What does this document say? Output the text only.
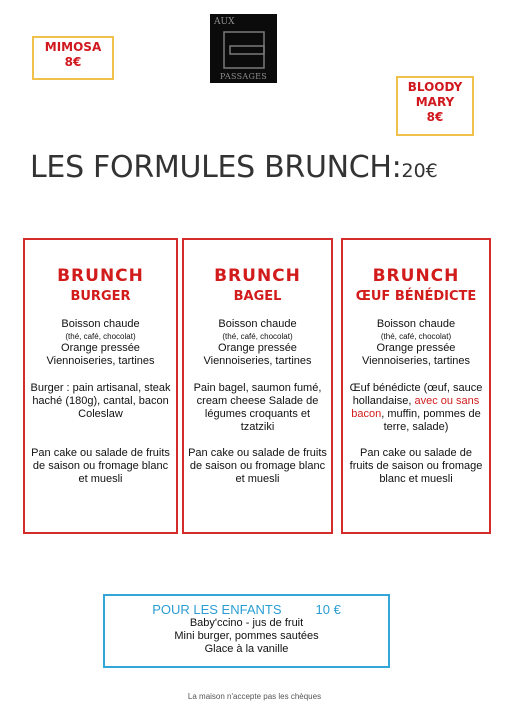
MIMOSA
8€
AUX
PASSAGES
BLOODY
MARY
8€
LES FORMULES BRUNCH:20€
BRUNCH
BURGER
Boisson chaude
(thé, café, chocolat)
Orange pressée
Viennoiseries, tartines
Burger : pain artisanal, steak haché (180g), cantal, bacon Coleslaw
Pan cake ou salade de fruits de saison ou fromage blanc et muesli
BRUNCH
BAGEL
Boisson chaude
(thé, café, chocolat)
Orange pressée
Viennoiseries, tartines
Pain bagel, saumon fumé, cream cheese Salade de légumes croquants et tzatziki
Pan cake ou salade de fruits de saison ou fromage blanc et muesli
BRUNCH
ŒUF BÉNÉDICTE
Boisson chaude
(thé, café, chocolat)
Orange pressée
Viennoiseries, tartines
Œuf bénédicte (œuf, sauce hollandaise, avec ou sans bacon, muffin, pommes de terre, salade)
Pan cake ou salade de fruits de saison ou fromage blanc et muesli
POUR LES ENFANTS	10 €
Baby'ccino - jus de fruit
Mini burger, pommes sautées
Glace à la vanille
La maison n'accepte pas les chèques
